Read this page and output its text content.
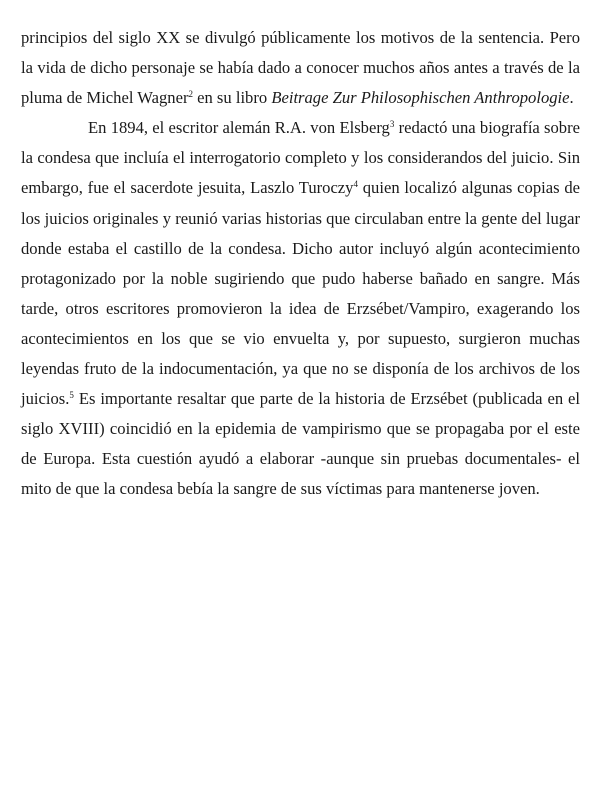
principios del siglo XX se divulgó públicamente los motivos de la sentencia. Pero la vida de dicho personaje se había dado a conocer muchos años antes a través de la pluma de Michel Wagner$^2$ en su libro Beitrage Zur Philosophischen Anthropologie.

En 1894, el escritor alemán R.A. von Elsberg$^3$ redactó una biografía sobre la condesa que incluía el interrogatorio completo y los considerandos del juicio. Sin embargo, fue el sacerdote jesuita, Laszlo Turoczy$^4$ quien localizó algunas copias de los juicios originales y reunió varias historias que circulaban entre la gente del lugar donde estaba el castillo de la condesa. Dicho autor incluyó algún acontecimiento protagonizado por la noble sugiriendo que pudo haberse bañado en sangre. Más tarde, otros escritores promovieron la idea de Erzsébet/Vampiro, exagerando los acontecimientos en los que se vio envuelta y, por supuesto, surgieron muchas leyendas fruto de la indocumentación, ya que no se disponía de los archivos de los juicios.$^5$ Es importante resaltar que parte de la historia de Erzsébet (publicada en el siglo XVIII) coincidió en la epidemia de vampirismo que se propagaba por el este de Europa. Esta cuestión ayudó a elaborar -aunque sin pruebas documentales- el mito de que la condesa bebía la sangre de sus víctimas para mantenerse joven.
